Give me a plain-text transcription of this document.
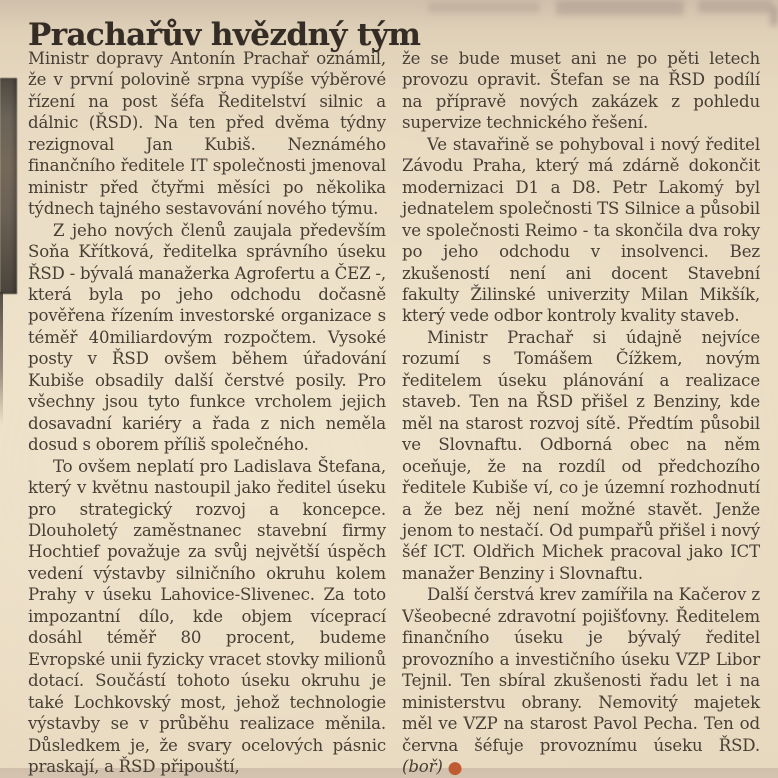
Prachařův hvězdný tým

Ministr dopravy Antonín Prachař oznámil, že v první polovině srpna vypíše výběrové řízení na post šéfa Ředitelství silnic a dálnic (ŘSD). Na ten před dvěma týdny rezignoval Jan Kubiš. Neznámého finančního ředitele IT společnosti jmenoval ministr před čtyřmi měsíci po několika týdnech tajného sestavování nového týmu.

Z jeho nových členů zaujala především Soňa Křítková, ředitelka správního úseku ŘSD - bývalá manažerka Agrofertu a ČEZ -, která byla po jeho odchodu dočasně pověřena řízením investorské organizace s téměř 40miliardovým rozpočtem. Vysoké posty v ŘSD ovšem během úřadování Kubiše obsadily další čerstvé posily. Pro všechny jsou tyto funkce vrcholem jejich dosavadní kariéry a řada z nich neměla dosud s oborem příliš společného.

To ovšem neplatí pro Ladislava Štefana, který v květnu nastoupil jako ředitel úseku pro strategický rozvoj a koncepce. Dlouholetý zaměstnanec stavební firmy Hochtief považuje za svůj největší úspěch vedení výstavby silničního okruhu kolem Prahy v úseku Lahovice-Slivenec. Za toto impozantní dílo, kde objem víceprací dosáhl téměř 80 procent, budeme Evropské unii fyzicky vracet stovky milionů dotací. Součástí tohoto úseku okruhu je také Lochkovský most, jehož technologie výstavby se v průběhu realizace měnila. Důsledkem je, že svary ocelových pásnic praskají, a ŘSD připouští,

že se bude muset ani ne po pěti letech provozu opravit. Štefan se na ŘSD podílí na přípravě nových zakázek z pohledu supervize technického řešení.

Ve stavařině se pohyboval i nový ředitel Závodu Praha, který má zdárně dokončit modernizaci D1 a D8. Petr Lakomý byl jednatelem společnosti TS Silnice a působil ve společnosti Reimo - ta skončila dva roky po jeho odchodu v insolvenci. Bez zkušeností není ani docent Stavební fakulty Žilinské univerzity Milan Mikšík, který vede odbor kontroly kvality staveb.

Ministr Prachař si údajně nejvíce rozumí s Tomášem Čížkem, novým ředitelem úseku plánování a realizace staveb. Ten na ŘSD přišel z Benziny, kde měl na starost rozvoj sítě. Předtím působil ve Slovnaftu. Odborná obec na něm oceňuje, že na rozdíl od předchozího ředitele Kubiše ví, co je územní rozhodnutí a že bez něj není možné stavět. Jenže jenom to nestačí. Od pumpařů přišel i nový šéf ICT. Oldřich Michek pracoval jako ICT manažer Benziny i Slovnaftu.

Další čerstvá krev zamířila na Kačerov z Všeobecné zdravotní pojišťovny. Ředitelem finančního úseku je bývalý ředitel provozního a investičního úseku VZP Libor Tejnil. Ten sbíral zkušenosti řadu let i na ministerstvu obrany. Nemovitý majetek měl ve VZP na starost Pavol Pecha. Ten od června šéfuje provoznímu úseku ŘSD. (boř) ●
